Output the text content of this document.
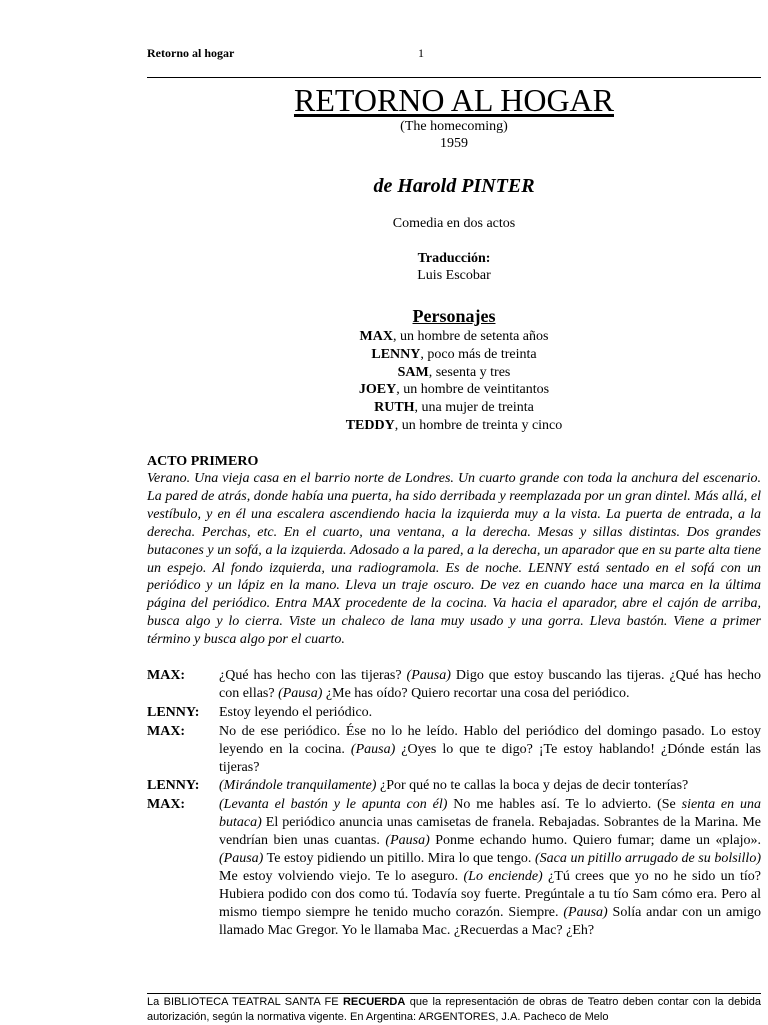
Retorno al hogar	1
RETORNO AL HOGAR
(The homecoming)
1959
de Harold PINTER
Comedia en dos actos
Traducción:
Luis Escobar
Personajes
MAX, un hombre de setenta años
LENNY, poco más de treinta
SAM, sesenta y tres
JOEY, un hombre de veintitantos
RUTH, una mujer de treinta
TEDDY, un hombre de treinta y cinco
ACTO PRIMERO

Verano. Una vieja casa en el barrio norte de Londres. Un cuarto grande con toda la anchura del escenario. La pared de atrás, donde había una puerta, ha sido derribada y reemplazada por un gran dintel. Más allá, el vestíbulo, y en él una escalera ascendiendo hacia la izquierda muy a la vista. La puerta de entrada, a la derecha. Perchas, etc. En el cuarto, una ventana, a la derecha. Mesas y sillas distintas. Dos grandes butacones y un sofá, a la izquierda. Adosado a la pared, a la derecha, un aparador que en su parte alta tiene un espejo. Al fondo izquierda, una radiogramola. Es de noche. LENNY está sentado en el sofá con un periódico y un lápiz en la mano. Lleva un traje oscuro. De vez en cuando hace una marca en la última página del periódico. Entra MAX procedente de la cocina. Va hacia el aparador, abre el cajón de arriba, busca algo y lo cierra. Viste un chaleco de lana muy usado y una gorra. Lleva bastón. Viene a primer término y busca algo por el cuarto.

MAX:	¿Qué has hecho con las tijeras? (Pausa) Digo que estoy buscando las tijeras. ¿Qué has hecho con ellas? (Pausa) ¿Me has oído? Quiero recortar una cosa del periódico.
LENNY:	Estoy leyendo el periódico.
MAX:	No de ese periódico. Ése no lo he leído. Hablo del periódico del domingo pasado. Lo estoy leyendo en la cocina. (Pausa) ¿Oyes lo que te digo? ¡Te estoy hablando! ¿Dónde están las tijeras?
LENNY:	(Mirándole tranquilamente) ¿Por qué no te callas la boca y dejas de decir tonterías?
MAX:	(Levanta el bastón y le apunta con él) No me hables así. Te lo advierto. (Se sienta en una butaca) El periódico anuncia unas camisetas de franela. Rebajadas. Sobrantes de la Marina. Me vendrían bien unas cuantas. (Pausa) Ponme echando humo. Quiero fumar; dame un «plajo». (Pausa) Te estoy pidiendo un pitillo. Mira lo que tengo. (Saca un pitillo arrugado de su bolsillo) Me estoy volviendo viejo. Te lo aseguro. (Lo enciende) ¿Tú crees que yo no he sido un tío? Hubiera podido con dos como tú. Todavía soy fuerte. Pregúntale a tu tío Sam cómo era. Pero al mismo tiempo siempre he tenido mucho corazón. Siempre. (Pausa) Solía andar con un amigo llamado Mac Gregor. Yo le llamaba Mac. ¿Recuerdas a Mac? ¿Eh?
La BIBLIOTECA TEATRAL SANTA FE RECUERDA que la representación de obras de Teatro deben contar con la debida autorización, según la normativa vigente. En Argentina: ARGENTORES, J.A. Pacheco de Melo
